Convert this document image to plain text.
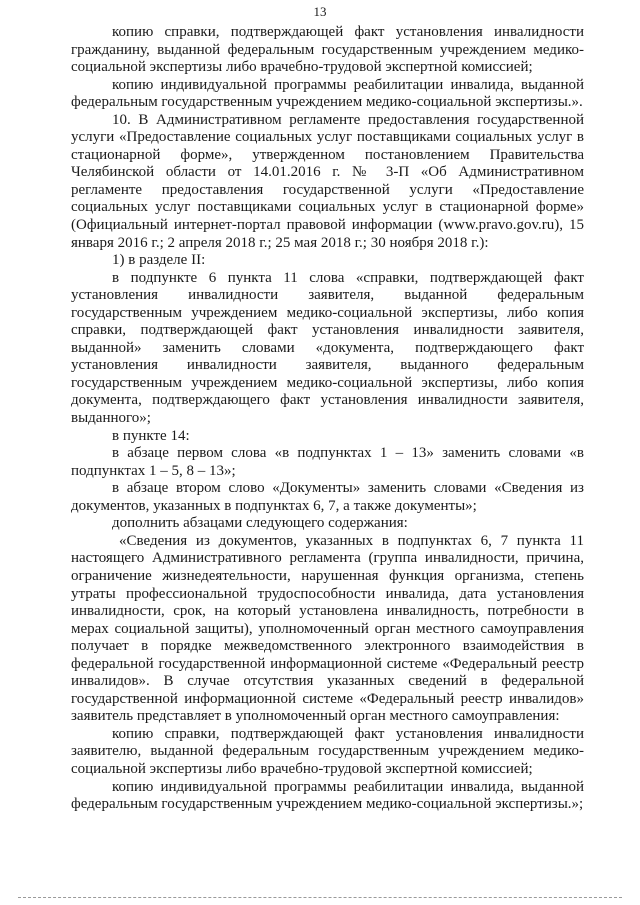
13

копию справки, подтверждающей факт установления инвалидности гражданину, выданной федеральным государственным учреждением медико-социальной экспертизы либо врачебно-трудовой экспертной комиссией;

копию индивидуальной программы реабилитации инвалида, выданной федеральным государственным учреждением медико-социальной экспертизы.».

10. В Административном регламенте предоставления государственной услуги «Предоставление социальных услуг поставщиками социальных услуг в стационарной форме», утвержденном постановлением Правительства Челябинской области от 14.01.2016 г. № 3-П «Об Административном регламенте предоставления государственной услуги «Предоставление социальных услуг поставщиками социальных услуг в стационарной форме» (Официальный интернет-портал правовой информации (www.pravo.gov.ru), 15 января 2016 г.; 2 апреля 2018 г.; 25 мая 2018 г.; 30 ноября 2018 г.):

1) в разделе II:

в подпункте 6 пункта 11 слова «справки, подтверждающей факт установления инвалидности заявителя, выданной федеральным государственным учреждением медико-социальной экспертизы, либо копия справки, подтверждающей факт установления инвалидности заявителя, выданной» заменить словами «документа, подтверждающего факт установления инвалидности заявителя, выданного федеральным государственным учреждением медико-социальной экспертизы, либо копия документа, подтверждающего факт установления инвалидности заявителя, выданного»;

в пункте 14:

в абзаце первом слова «в подпунктах 1 – 13» заменить словами «в подпунктах 1 – 5, 8 – 13»;

в абзаце втором слово «Документы» заменить словами «Сведения из документов, указанных в подпунктах 6, 7, а также документы»;

дополнить абзацами следующего содержания:

«Сведения из документов, указанных в подпунктах 6, 7 пункта 11 настоящего Административного регламента (группа инвалидности, причина, ограничение жизнедеятельности, нарушенная функция организма, степень утраты профессиональной трудоспособности инвалида, дата установления инвалидности, срок, на который установлена инвалидность, потребности в мерах социальной защиты), уполномоченный орган местного самоуправления получает в порядке межведомственного электронного взаимодействия в федеральной государственной информационной системе «Федеральный реестр инвалидов». В случае отсутствия указанных сведений в федеральной государственной информационной системе «Федеральный реестр инвалидов» заявитель представляет в уполномоченный орган местного самоуправления:

копию справки, подтверждающей факт установления инвалидности заявителю, выданной федеральным государственным учреждением медико-социальной экспертизы либо врачебно-трудовой экспертной комиссией;

копию индивидуальной программы реабилитации инвалида, выданной федеральным государственным учреждением медико-социальной экспертизы.»;
